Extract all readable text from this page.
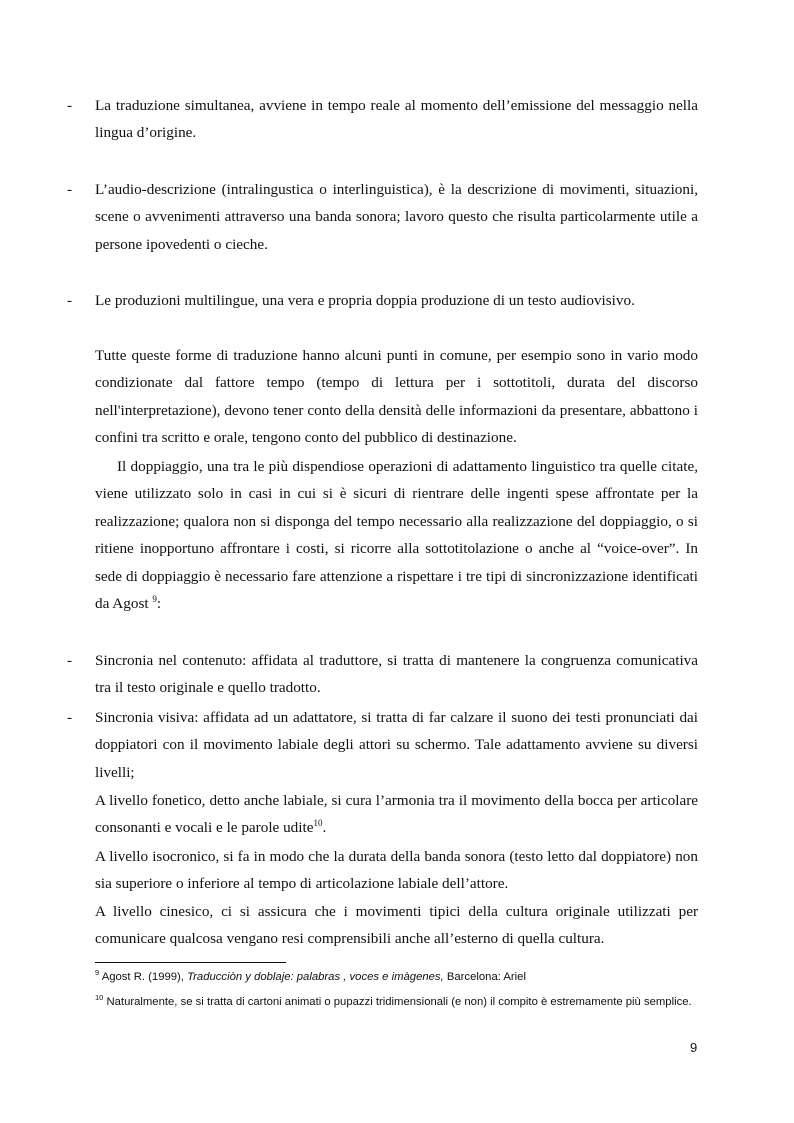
-	La traduzione simultanea, avviene in tempo reale al momento dell’emissione del messaggio nella lingua d’origine.
-	L’audio-descrizione (intralingustica o interlinguistica), è la descrizione di movimenti, situazioni, scene o avvenimenti attraverso una banda sonora; lavoro questo che risulta particolarmente utile a persone ipovedenti o cieche.
-	Le produzioni multilingue, una vera e propria doppia produzione di un testo audiovisivo.
Tutte queste forme di traduzione hanno alcuni punti in comune, per esempio sono in vario modo condizionate dal fattore tempo (tempo di lettura per i sottotitoli, durata del discorso nell'interpretazione), devono tener conto della densità delle informazioni da presentare, abbattono i confini tra scritto e orale, tengono conto del pubblico di destinazione.
Il doppiaggio, una tra le più dispendiose operazioni di adattamento linguistico tra quelle citate, viene utilizzato solo in casi in cui si è sicuri di rientrare delle ingenti spese affrontate per la realizzazione; qualora non si disponga del tempo necessario alla realizzazione del doppiaggio, o si ritiene inopportuno affrontare i costi, si ricorre alla sottotitolazione o anche al “voice-over”. In sede di doppiaggio è necessario fare attenzione a rispettare i tre tipi di sincronizzazione identificati da Agost $^9$:
-	Sincronia nel contenuto: affidata al traduttore, si tratta di mantenere la congruenza comunicativa tra il testo originale e quello tradotto.
-	Sincronia visiva: affidata ad un adattatore, si tratta di far calzare il suono dei testi pronunciati dai doppiatori con il movimento labiale degli attori su schermo. Tale adattamento avviene su diversi livelli;
A livello fonetico, detto anche labiale, si cura l’armonia tra il movimento della bocca per articolare consonanti e vocali e le parole udite$^{10}$.
A livello isocronico, si fa in modo che la durata della banda sonora (testo letto dal doppiatore) non sia superiore o inferiore al tempo di articolazione labiale dell’attore.
A livello cinesico, ci si assicura che i movimenti tipici della cultura originale utilizzati per comunicare qualcosa vengano resi comprensibili anche all’esterno di quella cultura.
$^9$ Agost R. (1999), Traducciòn y doblaje: palabras , voces e imàgenes, Barcelona: Ariel
$^{10}$ Naturalmente, se si tratta di cartoni animati o pupazzi tridimensionali (e non) il compito è estremamente più semplice.
9
